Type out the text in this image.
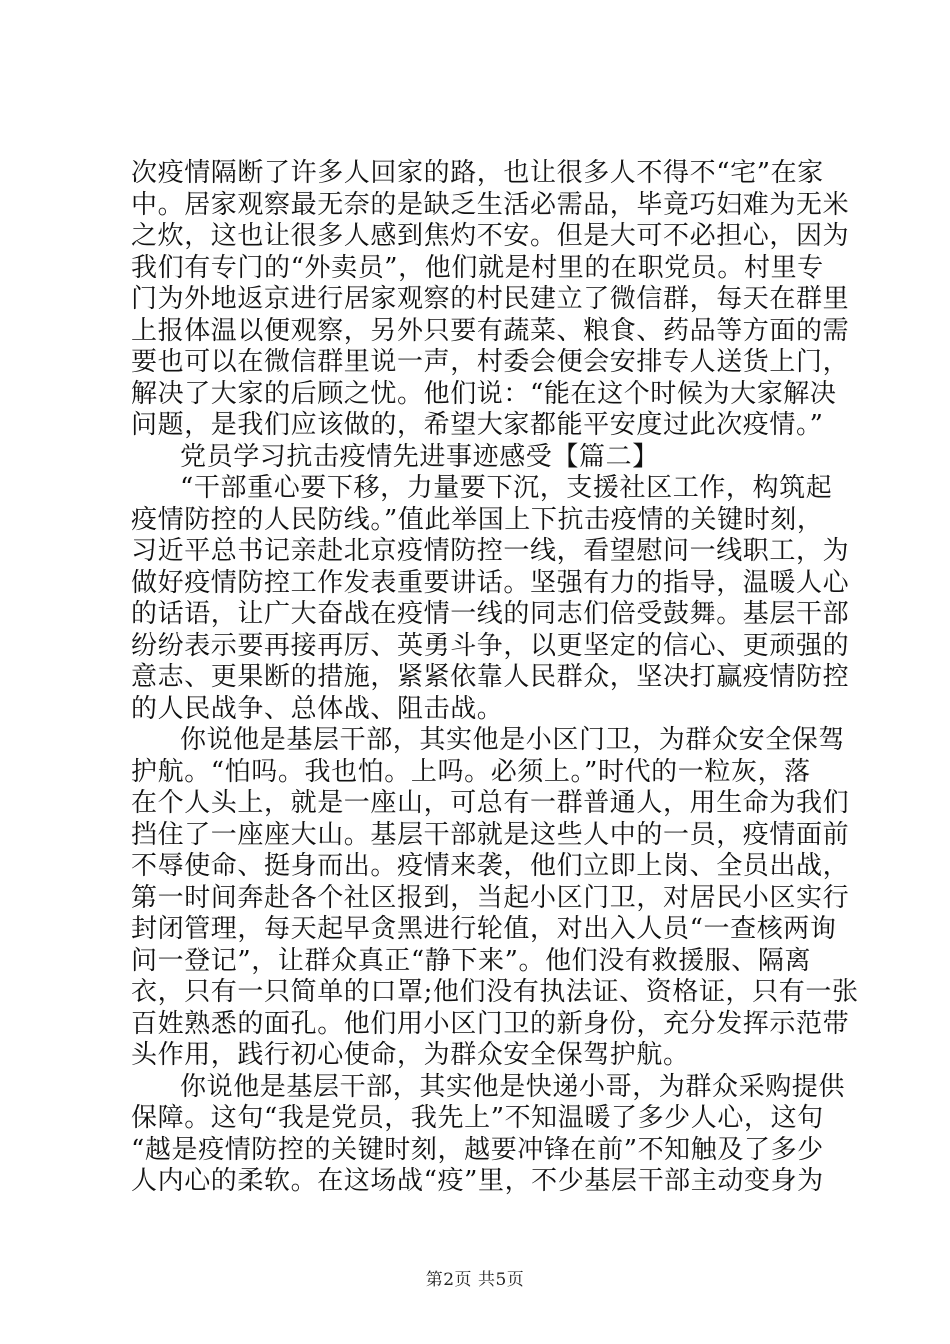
次疫情隔断了许多人回家的路，也让很多人不得不“宅”在家
中。居家观察最无奈的是缺乏生活必需品，毕竟巧妇难为无米
之炊，这也让很多人感到焦灼不安。但是大可不必担心，因为
我们有专门的“外卖员”，他们就是村里的在职党员。村里专
门为外地返京进行居家观察的村民建立了微信群，每天在群里
上报体温以便观察，另外只要有蔬菜、粮食、药品等方面的需
要也可以在微信群里说一声，村委会便会安排专人送货上门，
解决了大家的后顾之忧。他们说：“能在这个时候为大家解决
问题，是我们应该做的，希望大家都能平安度过此次疫情。”
党员学习抗击疫情先进事迹感受【篇二】
“干部重心要下移，力量要下沉，支援社区工作，构筑起
疫情防控的人民防线。”值此举国上下抗击疫情的关键时刻，
习近平总书记亲赴北京疫情防控一线，看望慰问一线职工，为
做好疫情防控工作发表重要讲话。坚强有力的指导，温暖人心
的话语，让广大奋战在疫情一线的同志们倍受鼓舞。基层干部
纷纷表示要再接再厉、英勇斗争，以更坚定的信心、更顽强的
意志、更果断的措施，紧紧依靠人民群众，坚决打赢疫情防控
的人民战争、总体战、阻击战。
你说他是基层干部，其实他是小区门卫，为群众安全保驾
护航。“怕吗。我也怕。上吗。必须上。”时代的一粒灰，落
在个人头上，就是一座山，可总有一群普通人，用生命为我们
挡住了一座座大山。基层干部就是这些人中的一员，疫情面前
不辱使命、挺身而出。疫情来袭，他们立即上岗、全员出战，
第一时间奔赴各个社区报到，当起小区门卫，对居民小区实行
封闭管理，每天起早贪黑进行轮值，对出入人员“一查核两询
问一登记”，让群众真正“静下来”。他们没有救援服、隔离
衣，只有一只简单的口罩;他们没有执法证、资格证，只有一张
百姓熟悉的面孔。他们用小区门卫的新身份，充分发挥示范带
头作用，践行初心使命，为群众安全保驾护航。
你说他是基层干部，其实他是快递小哥，为群众采购提供
保障。这句“我是党员，我先上”不知温暖了多少人心，这句
“越是疫情防控的关键时刻，越要冲锋在前”不知触及了多少
人内心的柔软。在这场战“疫”里，不少基层干部主动变身为
第2页 共5页
